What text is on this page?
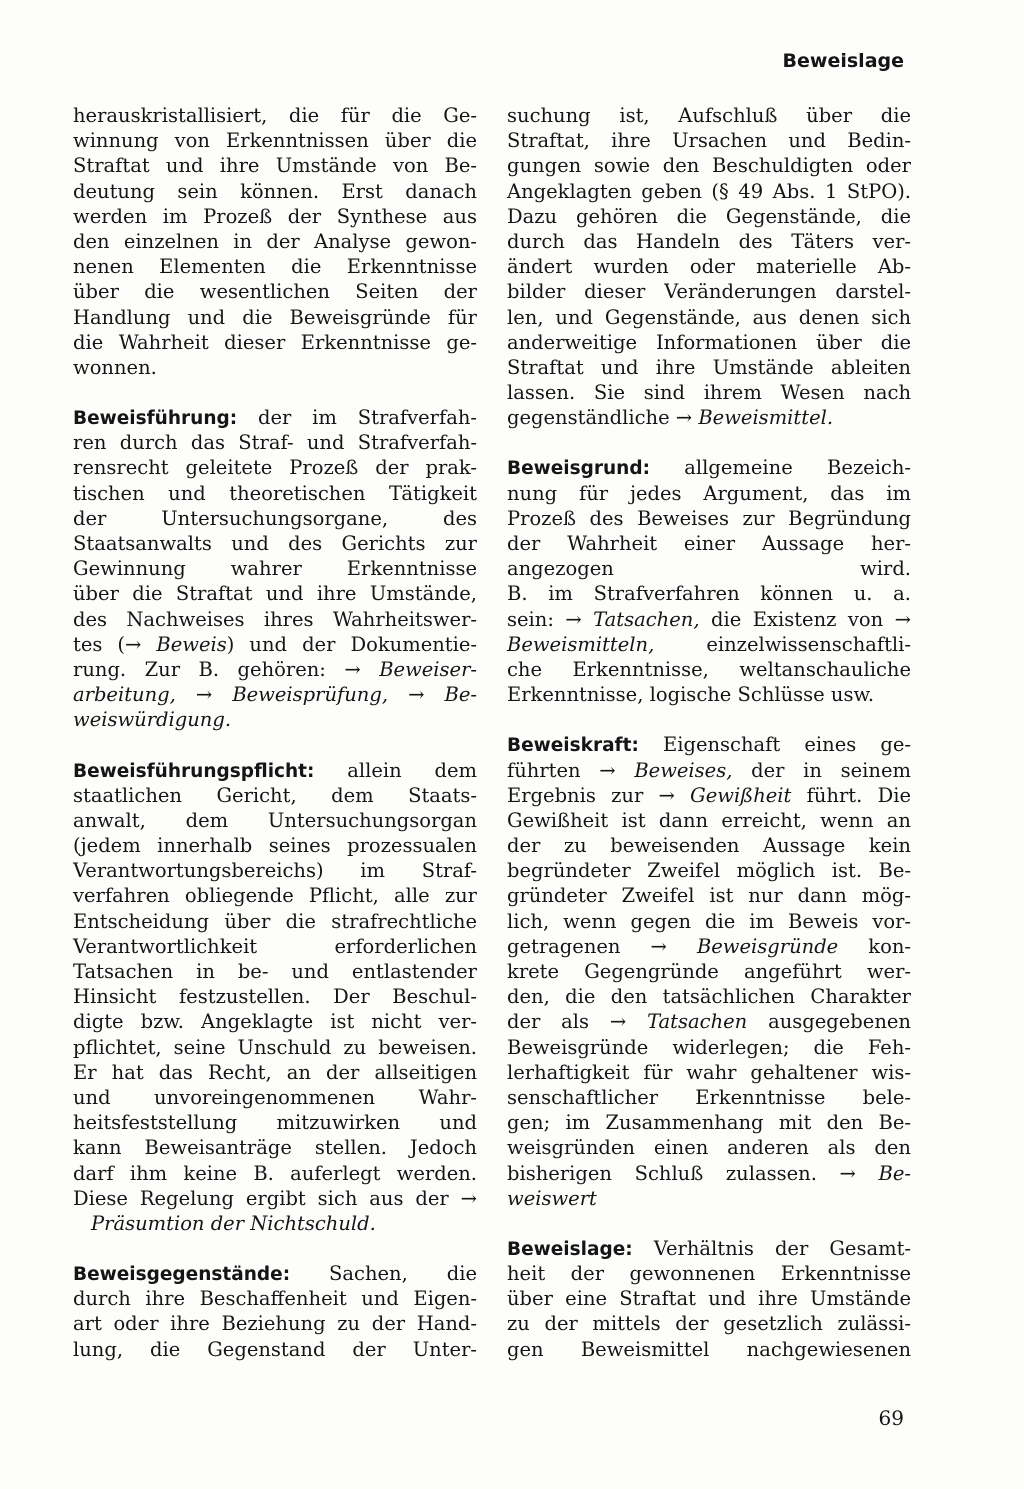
Beweislage
herauskristallisiert, die für die Ge-
winnung von Erkenntnissen über die
Straftat und ihre Umstände von Be-
deutung sein können. Erst danach
werden im Prozeß der Synthese aus
den einzelnen in der Analyse gewon-
nenen Elementen die Erkenntnisse
über die wesentlichen Seiten der
Handlung und die Beweisgründe für
die Wahrheit dieser Erkenntnisse ge-
wonnen.
Beweisführung: der im Strafverfah-
ren durch das Straf- und Strafverfah-
rensrecht geleitete Prozeß der prak-
tischen und theoretischen Tätigkeit
der Untersuchungsorgane, des
Staatsanwalts und des Gerichts zur
Gewinnung wahrer Erkenntnisse
über die Straftat und ihre Umstände,
des Nachweises ihres Wahrheitswer-
tes (→ Beweis) und der Dokumentie-
rung. Zur B. gehören: → Beweiser-
arbeitung, → Beweisprüfung, → Be-
weiswürdigung.
Beweisführungspflicht: allein dem
staatlichen Gericht, dem Staats-
anwalt, dem Untersuchungsorgan
(jedem innerhalb seines prozessualen
Verantwortungsbereichs) im Straf-
verfahren obliegende Pflicht, alle zur
Entscheidung über die strafrechtliche
Verantwortlichkeit erforderlichen
Tatsachen in be- und entlastender
Hinsicht festzustellen. Der Beschul-
digte bzw. Angeklagte ist nicht ver-
pflichtet, seine Unschuld zu beweisen.
Er hat das Recht, an der allseitigen
und unvoreingenommenen Wahr-
heitsfeststellung mitzuwirken und
kann Beweisanträge stellen. Jedoch
darf ihm keine B. auferlegt werden.
Diese Regelung ergibt sich aus der →
Präsumtion der Nichtschuld.
Beweisgegenstände: Sachen, die
durch ihre Beschaffenheit und Eigen-
art oder ihre Beziehung zu der Hand-
lung, die Gegenstand der Unter-
suchung ist, Aufschluß über die
Straftat, ihre Ursachen und Bedin-
gungen sowie den Beschuldigten oder
Angeklagten geben (§ 49 Abs. 1 StPO).
Dazu gehören die Gegenstände, die
durch das Handeln des Täters ver-
ändert wurden oder materielle Ab-
bilder dieser Veränderungen darstel-
len, und Gegenstände, aus denen sich
anderweitige Informationen über die
Straftat und ihre Umstände ableiten
lassen. Sie sind ihrem Wesen nach
gegenständliche → Beweismittel.
Beweisgrund: allgemeine Bezeich-
nung für jedes Argument, das im
Prozeß des Beweises zur Begründung
der Wahrheit einer Aussage her-
angezogen wird.
B. im Strafverfahren können u. a.
sein: → Tatsachen, die Existenz von →
Beweismitteln, einzelwissenschaftli-
che Erkenntnisse, weltanschauliche
Erkenntnisse, logische Schlüsse usw.
Beweiskraft: Eigenschaft eines ge-
führten → Beweises, der in seinem
Ergebnis zur → Gewißheit führt. Die
Gewißheit ist dann erreicht, wenn an
der zu beweisenden Aussage kein
begründeter Zweifel möglich ist. Be-
gründeter Zweifel ist nur dann mög-
lich, wenn gegen die im Beweis vor-
getragenen → Beweisgründe kon-
krete Gegengründe angeführt wer-
den, die den tatsächlichen Charakter
der als → Tatsachen ausgegebenen
Beweisgründe widerlegen; die Feh-
lerhaftigkeit für wahr gehaltener wis-
senschaftlicher Erkenntnisse bele-
gen; im Zusammenhang mit den Be-
weisgründen einen anderen als den
bisherigen Schluß zulassen. → Be-
weiswert
Beweislage: Verhältnis der Gesamt-
heit der gewonnenen Erkenntnisse
über eine Straftat und ihre Umstände
zu der mittels der gesetzlich zulässi-
gen Beweismittel nachgewiesenen
69
